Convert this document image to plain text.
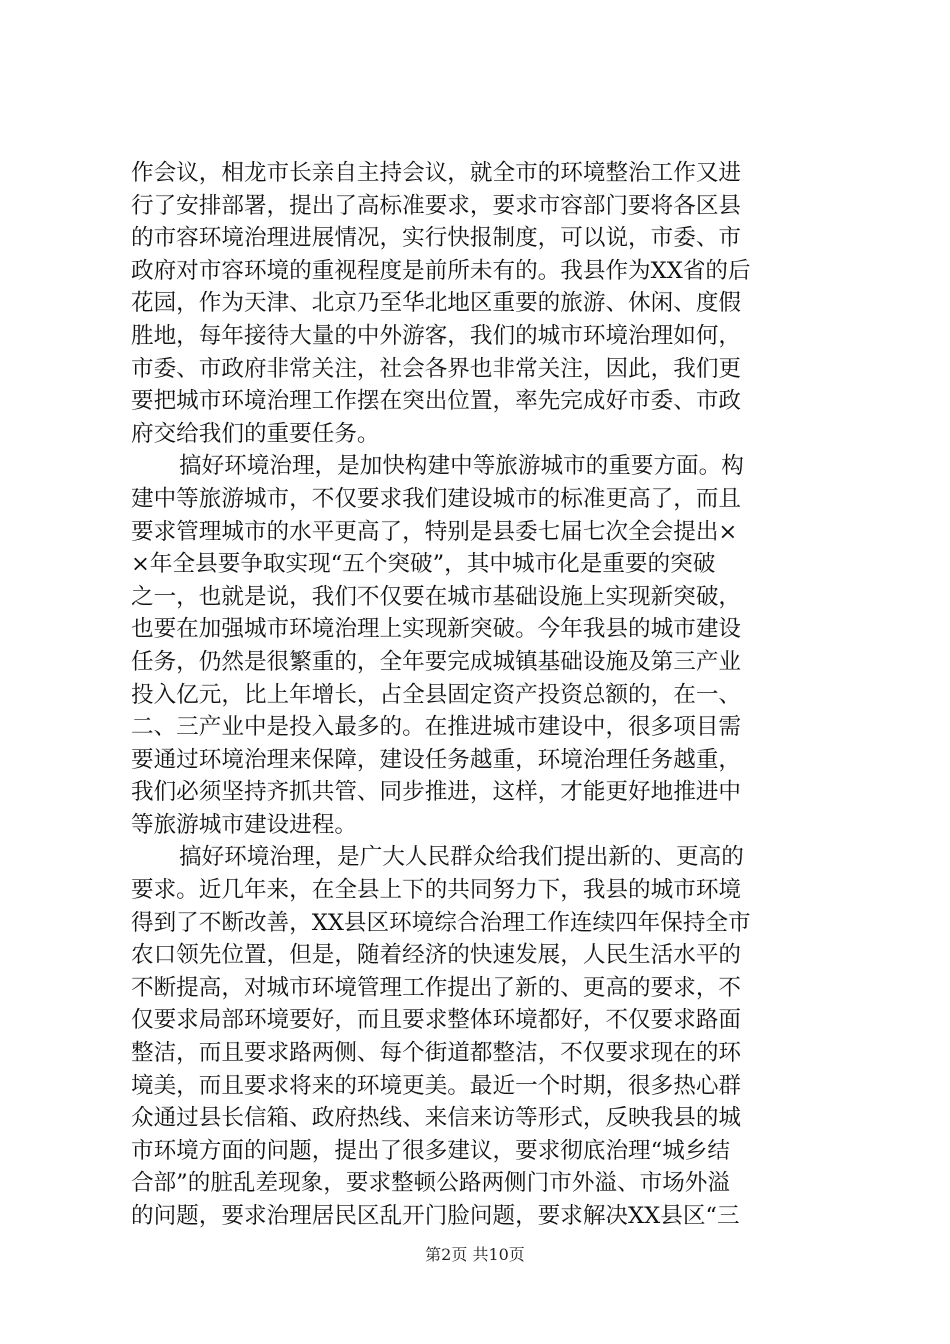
作会议，相龙市长亲自主持会议，就全市的环境整治工作又进
行了安排部署，提出了高标准要求，要求市容部门要将各区县
的市容环境治理进展情况，实行快报制度，可以说，市委、市
政府对市容环境的重视程度是前所未有的。我县作为XX省的后
花园，作为天津、北京乃至华北地区重要的旅游、休闲、度假
胜地，每年接待大量的中外游客，我们的城市环境治理如何，
市委、市政府非常关注，社会各界也非常关注，因此，我们更
要把城市环境治理工作摆在突出位置，率先完成好市委、市政
府交给我们的重要任务。
搞好环境治理，是加快构建中等旅游城市的重要方面。构
建中等旅游城市，不仅要求我们建设城市的标准更高了，而且
要求管理城市的水平更高了，特别是县委七届七次全会提出×
×年全县要争取实现“五个突破”，其中城市化是重要的突破
之一，也就是说，我们不仅要在城市基础设施上实现新突破，
也要在加强城市环境治理上实现新突破。今年我县的城市建设
任务，仍然是很繁重的，全年要完成城镇基础设施及第三产业
投入亿元，比上年增长，占全县固定资产投资总额的，在一、
二、三产业中是投入最多的。在推进城市建设中，很多项目需
要通过环境治理来保障，建设任务越重，环境治理任务越重，
我们必须坚持齐抓共管、同步推进，这样，才能更好地推进中
等旅游城市建设进程。
搞好环境治理，是广大人民群众给我们提出新的、更高的
要求。近几年来，在全县上下的共同努力下，我县的城市环境
得到了不断改善，XX县区环境综合治理工作连续四年保持全市
农口领先位置，但是，随着经济的快速发展，人民生活水平的
不断提高，对城市环境管理工作提出了新的、更高的要求，不
仅要求局部环境要好，而且要求整体环境都好，不仅要求路面
整洁，而且要求路两侧、每个街道都整洁，不仅要求现在的环
境美，而且要求将来的环境更美。最近一个时期，很多热心群
众通过县长信箱、政府热线、来信来访等形式，反映我县的城
市环境方面的问题，提出了很多建议，要求彻底治理“城乡结
合部”的脏乱差现象，要求整顿公路两侧门市外溢、市场外溢
的问题，要求治理居民区乱开门脸问题，要求解决XX县区“三
第2页 共10页
